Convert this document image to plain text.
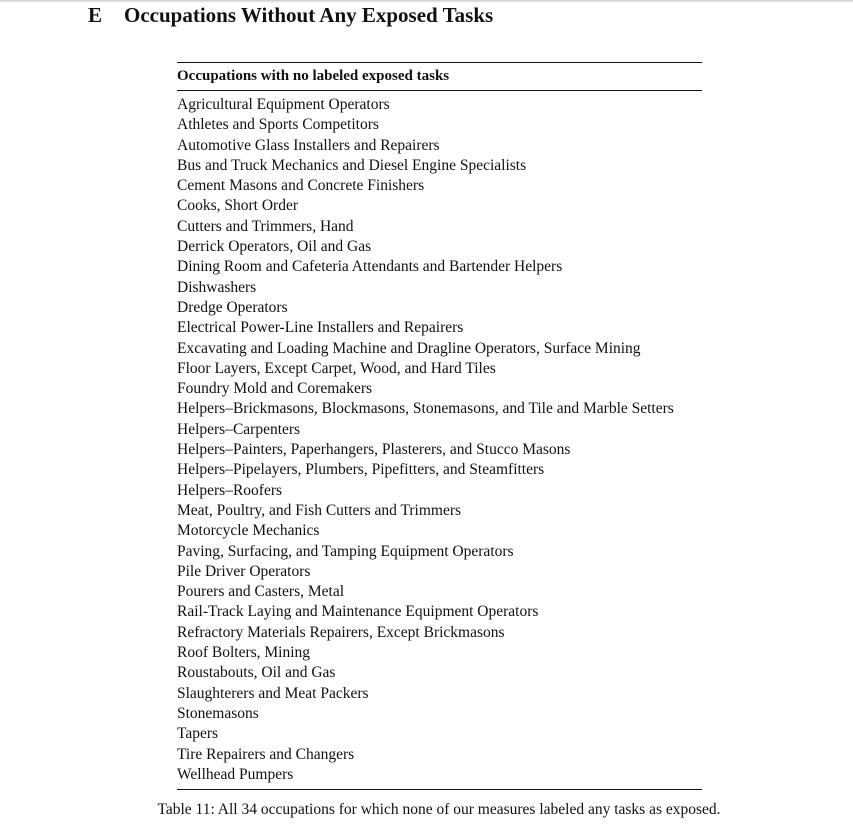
E Occupations Without Any Exposed Tasks
Occupations with no labeled exposed tasks
Agricultural Equipment Operators
Athletes and Sports Competitors
Automotive Glass Installers and Repairers
Bus and Truck Mechanics and Diesel Engine Specialists
Cement Masons and Concrete Finishers
Cooks, Short Order
Cutters and Trimmers, Hand
Derrick Operators, Oil and Gas
Dining Room and Cafeteria Attendants and Bartender Helpers
Dishwashers
Dredge Operators
Electrical Power-Line Installers and Repairers
Excavating and Loading Machine and Dragline Operators, Surface Mining
Floor Layers, Except Carpet, Wood, and Hard Tiles
Foundry Mold and Coremakers
Helpers–Brickmasons, Blockmasons, Stonemasons, and Tile and Marble Setters
Helpers–Carpenters
Helpers–Painters, Paperhangers, Plasterers, and Stucco Masons
Helpers–Pipelayers, Plumbers, Pipefitters, and Steamfitters
Helpers–Roofers
Meat, Poultry, and Fish Cutters and Trimmers
Motorcycle Mechanics
Paving, Surfacing, and Tamping Equipment Operators
Pile Driver Operators
Pourers and Casters, Metal
Rail-Track Laying and Maintenance Equipment Operators
Refractory Materials Repairers, Except Brickmasons
Roof Bolters, Mining
Roustabouts, Oil and Gas
Slaughterers and Meat Packers
Stonemasons
Tapers
Tire Repairers and Changers
Wellhead Pumpers
Table 11: All 34 occupations for which none of our measures labeled any tasks as exposed.
